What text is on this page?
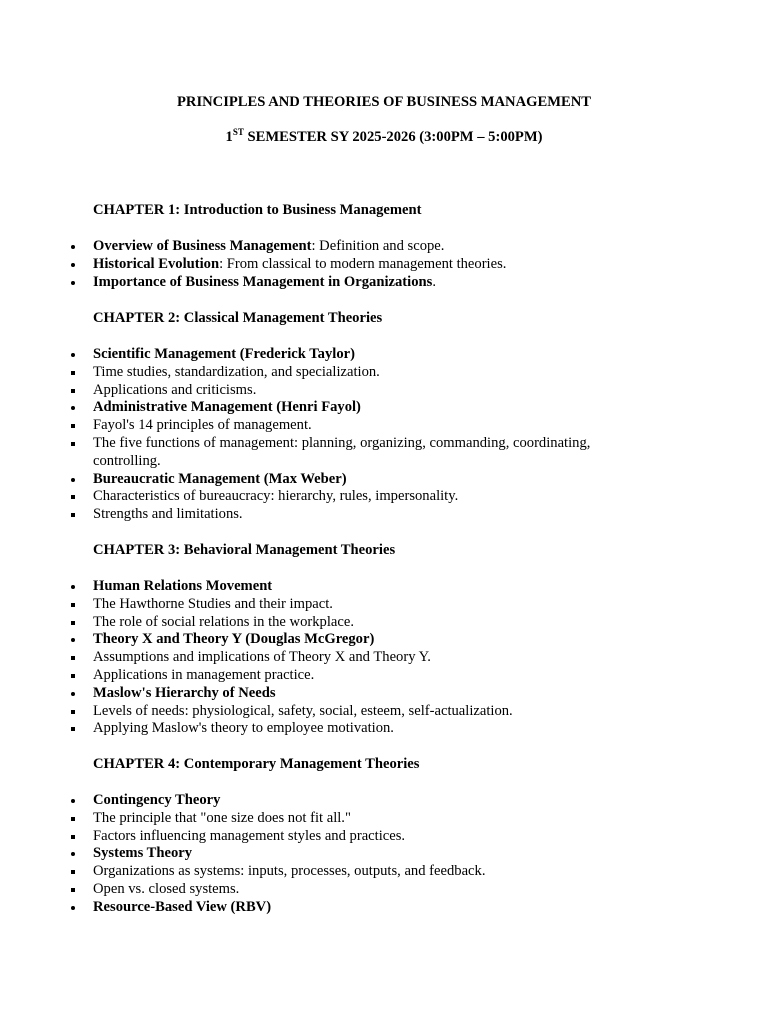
PRINCIPLES AND THEORIES OF BUSINESS MANAGEMENT
1ST SEMESTER SY 2025-2026 (3:00PM – 5:00PM)
CHAPTER 1: Introduction to Business Management
Overview of Business Management: Definition and scope.
Historical Evolution: From classical to modern management theories.
Importance of Business Management in Organizations.
CHAPTER 2: Classical Management Theories
Scientific Management (Frederick Taylor)
Time studies, standardization, and specialization.
Applications and criticisms.
Administrative Management (Henri Fayol)
Fayol's 14 principles of management.
The five functions of management: planning, organizing, commanding, coordinating, controlling.
Bureaucratic Management (Max Weber)
Characteristics of bureaucracy: hierarchy, rules, impersonality.
Strengths and limitations.
CHAPTER 3: Behavioral Management Theories
Human Relations Movement
The Hawthorne Studies and their impact.
The role of social relations in the workplace.
Theory X and Theory Y (Douglas McGregor)
Assumptions and implications of Theory X and Theory Y.
Applications in management practice.
Maslow's Hierarchy of Needs
Levels of needs: physiological, safety, social, esteem, self-actualization.
Applying Maslow's theory to employee motivation.
CHAPTER 4: Contemporary Management Theories
Contingency Theory
The principle that "one size does not fit all."
Factors influencing management styles and practices.
Systems Theory
Organizations as systems: inputs, processes, outputs, and feedback.
Open vs. closed systems.
Resource-Based View (RBV)
